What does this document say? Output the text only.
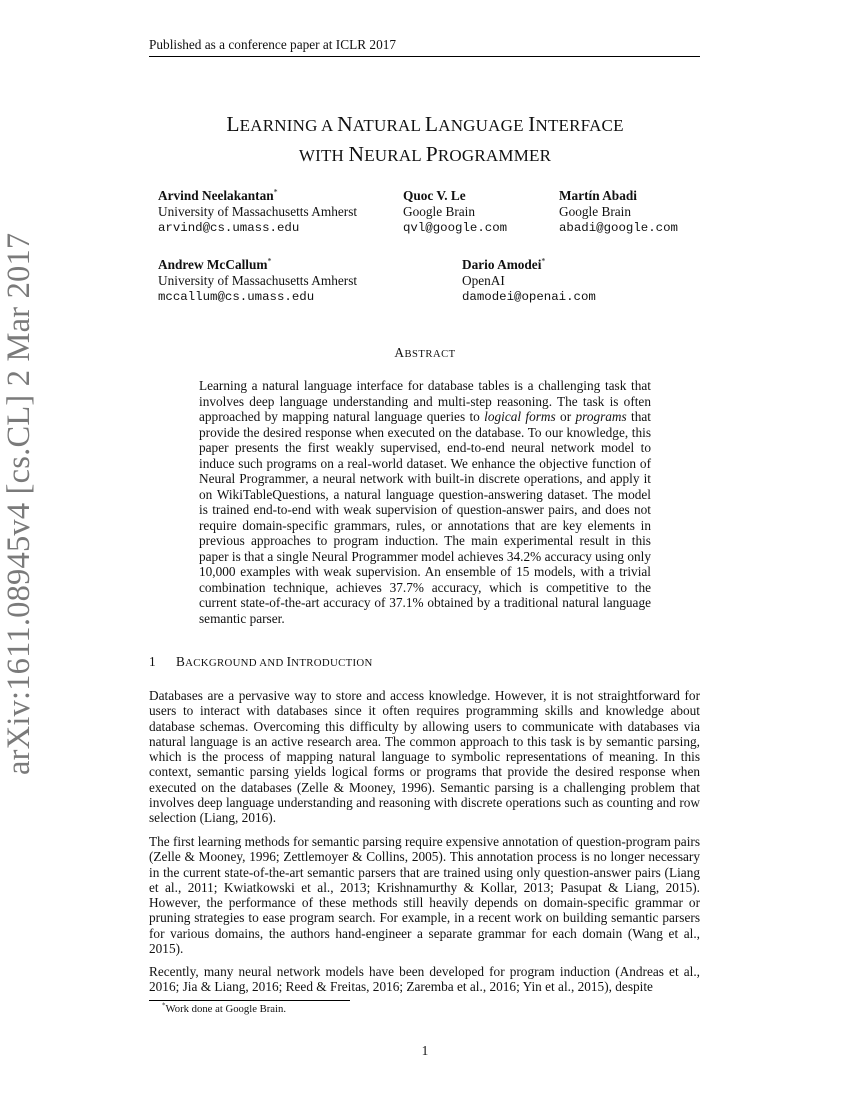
Published as a conference paper at ICLR 2017
LEARNING A NATURAL LANGUAGE INTERFACE
WITH NEURAL PROGRAMMER
Arvind Neelakantan*
University of Massachusetts Amherst
arvind@cs.umass.edu
Quoc V. Le
Google Brain
qvl@google.com
Martín Abadi
Google Brain
abadi@google.com
Andrew McCallum*
University of Massachusetts Amherst
mccallum@cs.umass.edu
Dario Amodei*
OpenAI
damodei@openai.com
ABSTRACT
Learning a natural language interface for database tables is a challenging task that involves deep language understanding and multi-step reasoning. The task is often approached by mapping natural language queries to logical forms or programs that provide the desired response when executed on the database. To our knowledge, this paper presents the first weakly supervised, end-to-end neural network model to induce such programs on a real-world dataset. We enhance the objective function of Neural Programmer, a neural network with built-in discrete operations, and apply it on WikiTableQuestions, a natural language question-answering dataset. The model is trained end-to-end with weak supervision of question-answer pairs, and does not require domain-specific grammars, rules, or annotations that are key elements in previous approaches to program induction. The main experimental result in this paper is that a single Neural Programmer model achieves 34.2% accuracy using only 10,000 examples with weak supervision. An ensemble of 15 models, with a trivial combination technique, achieves 37.7% accuracy, which is competitive to the current state-of-the-art accuracy of 37.1% obtained by a traditional natural language semantic parser.
1 BACKGROUND AND INTRODUCTION

Databases are a pervasive way to store and access knowledge. However, it is not straightforward for users to interact with databases since it often requires programming skills and knowledge about database schemas. Overcoming this difficulty by allowing users to communicate with databases via natural language is an active research area. The common approach to this task is by semantic parsing, which is the process of mapping natural language to symbolic representations of meaning. In this context, semantic parsing yields logical forms or programs that provide the desired response when executed on the databases (Zelle & Mooney, 1996). Semantic parsing is a challenging problem that involves deep language understanding and reasoning with discrete operations such as counting and row selection (Liang, 2016).

The first learning methods for semantic parsing require expensive annotation of question-program pairs (Zelle & Mooney, 1996; Zettlemoyer & Collins, 2005). This annotation process is no longer necessary in the current state-of-the-art semantic parsers that are trained using only question-answer pairs (Liang et al., 2011; Kwiatkowski et al., 2013; Krishnamurthy & Kollar, 2013; Pasupat & Liang, 2015). However, the performance of these methods still heavily depends on domain-specific grammar or pruning strategies to ease program search. For example, in a recent work on building semantic parsers for various domains, the authors hand-engineer a separate grammar for each domain (Wang et al., 2015).

Recently, many neural network models have been developed for program induction (Andreas et al., 2016; Jia & Liang, 2016; Reed & Freitas, 2016; Zaremba et al., 2016; Yin et al., 2015), despite

*Work done at Google Brain.
1
arXiv:1611.08945v4 [cs.CL] 2 Mar 2017
